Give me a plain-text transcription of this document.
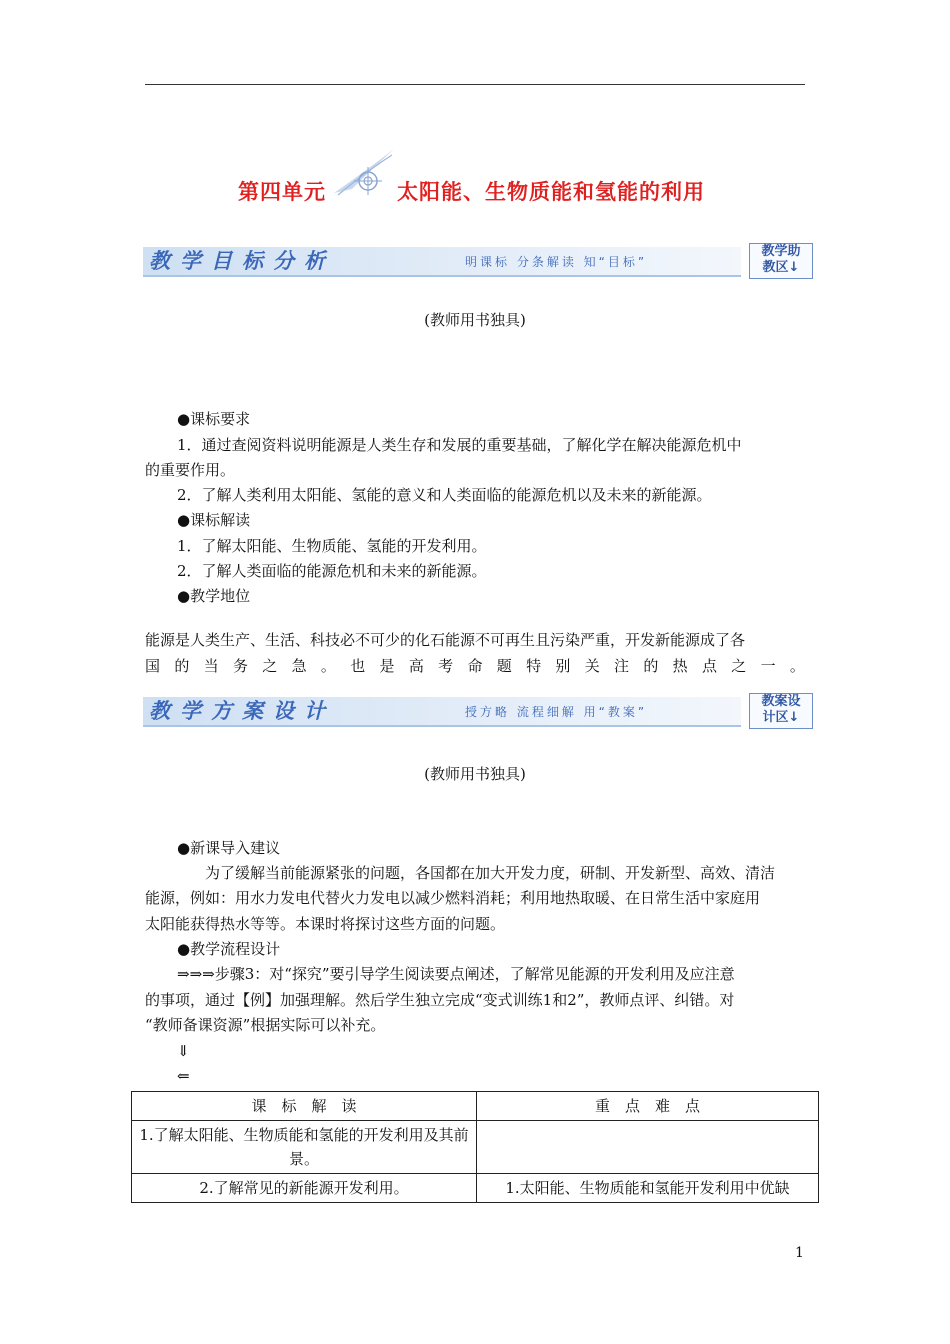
第四单元	太阳能、生物质能和氢能的利用
教学目标分析	明课标 分条解读 知“目标”
教学助
教区↓
(教师用书独具)
●课标要求
1．通过查阅资料说明能源是人类生存和发展的重要基础，了解化学在解决能源危机中
的重要作用。
2．了解人类利用太阳能、氢能的意义和人类面临的能源危机以及未来的新能源。
●课标解读
1．了解太阳能、生物质能、氢能的开发利用。
2．了解人类面临的能源危机和未来的新能源。
●教学地位
能源是人类生产、生活、科技必不可少的化石能源不可再生且污染严重，开发新能源成了各
国 的 当 务 之 急 。 也 是 高 考 命 题 特 别 关 注 的 热 点 之 一 。
教学方案设计	授方略 流程细解 用“教案”
教案设
计区↓
(教师用书独具)
●新课导入建议
为了缓解当前能源紧张的问题，各国都在加大开发力度，研制、开发新型、高效、清洁
能源，例如：用水力发电代替火力发电以减少燃料消耗；利用地热取暖、在日常生活中家庭用
太阳能获得热水等等。本课时将探讨这些方面的问题。
●教学流程设计
⇒⇒⇒步骤3：对“探究”要引导学生阅读要点阐述，了解常见能源的开发利用及应注意
的事项，通过【例】加强理解。然后学生独立完成“变式训练1和2”，教师点评、纠错。对
“教师备课资源”根据实际可以补充。
⇓
⇐
课　标　解　读	重　点　难　点
1.了解太阳能、生物质能和氢能的开发利用及其前景。	
2.了解常见的新能源开发利用。	1.太阳能、生物质能和氢能开发利用中优缺
1
